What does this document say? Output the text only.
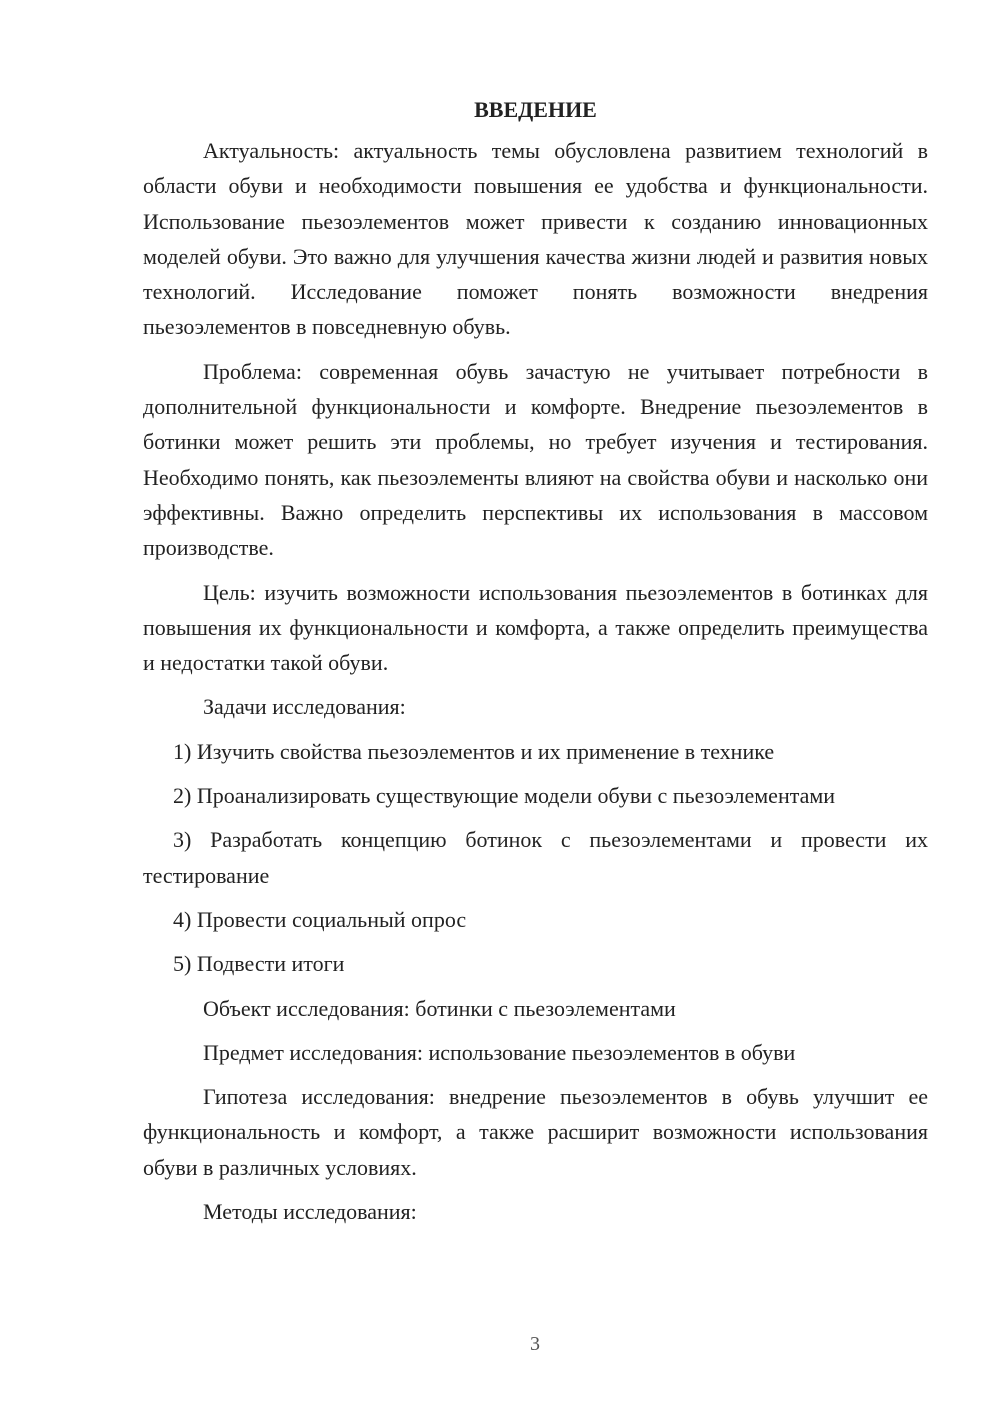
ВВЕДЕНИЕ

Актуальность: актуальность темы обусловлена развитием технологий в области обуви и необходимости повышения ее удобства и функциональности. Использование пьезоэлементов может привести к созданию инновационных моделей обуви. Это важно для улучшения качества жизни людей и развития новых технологий. Исследование поможет понять возможности внедрения пьезоэлементов в повседневную обувь.

Проблема: современная обувь зачастую не учитывает потребности в дополнительной функциональности и комфорте. Внедрение пьезоэлементов в ботинки может решить эти проблемы, но требует изучения и тестирования. Необходимо понять, как пьезоэлементы влияют на свойства обуви и насколько они эффективны. Важно определить перспективы их использования в массовом производстве.

Цель: изучить возможности использования пьезоэлементов в ботинках для повышения их функциональности и комфорта, а также определить преимущества и недостатки такой обуви.

Задачи исследования:

1) Изучить свойства пьезоэлементов и их применение в технике

2) Проанализировать существующие модели обуви с пьезоэлементами

3) Разработать концепцию ботинок с пьезоэлементами и провести их тестирование

4) Провести социальный опрос

5) Подвести итоги

Объект исследования: ботинки с пьезоэлементами

Предмет исследования: использование пьезоэлементов в обуви

Гипотеза исследования: внедрение пьезоэлементов в обувь улучшит ее функциональность и комфорт, а также расширит возможности использования обуви в различных условиях.

Методы исследования:

3
